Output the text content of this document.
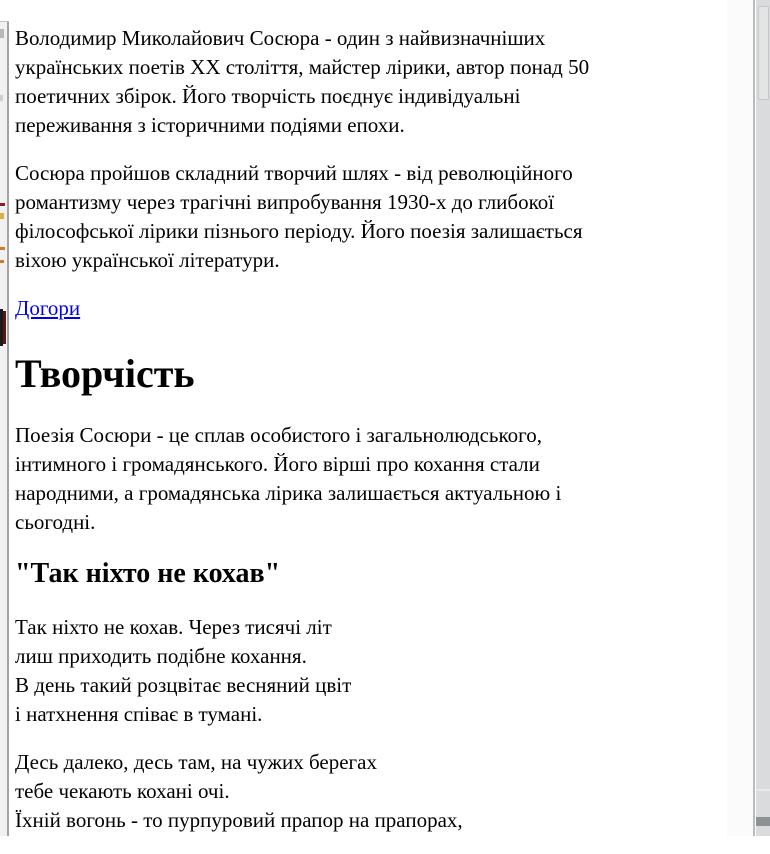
Володимир Миколайович Сосюра - один з найвизначніших
українських поетів ХХ століття, майстер лірики, автор понад 50
поетичних збірок. Його творчість поєднує індивідуальні
переживання з історичними подіями епохи.

Сосюра пройшов складний творчий шлях - від революційного
романтизму через трагічні випробування 1930-х до глибокої
філософської лірики пізнього періоду. Його поезія залишається
віхою української літератури.

Догори

Творчість

Поезія Сосюри - це сплав особистого і загальнолюдського,
інтимного і громадянського. Його вірші про кохання стали
народними, а громадянська лірика залишається актуальною і
сьогодні.

"Так ніхто не кохав"

Так ніхто не кохав. Через тисячі літ
лиш приходить подібне кохання.
В день такий розцвітає весняний цвіт
і натхнення співає в тумані.

Десь далеко, десь там, на чужих берегах
тебе чекають кохані очі.
Їхній вогонь - то пурпуровий прапор на прапорах,
